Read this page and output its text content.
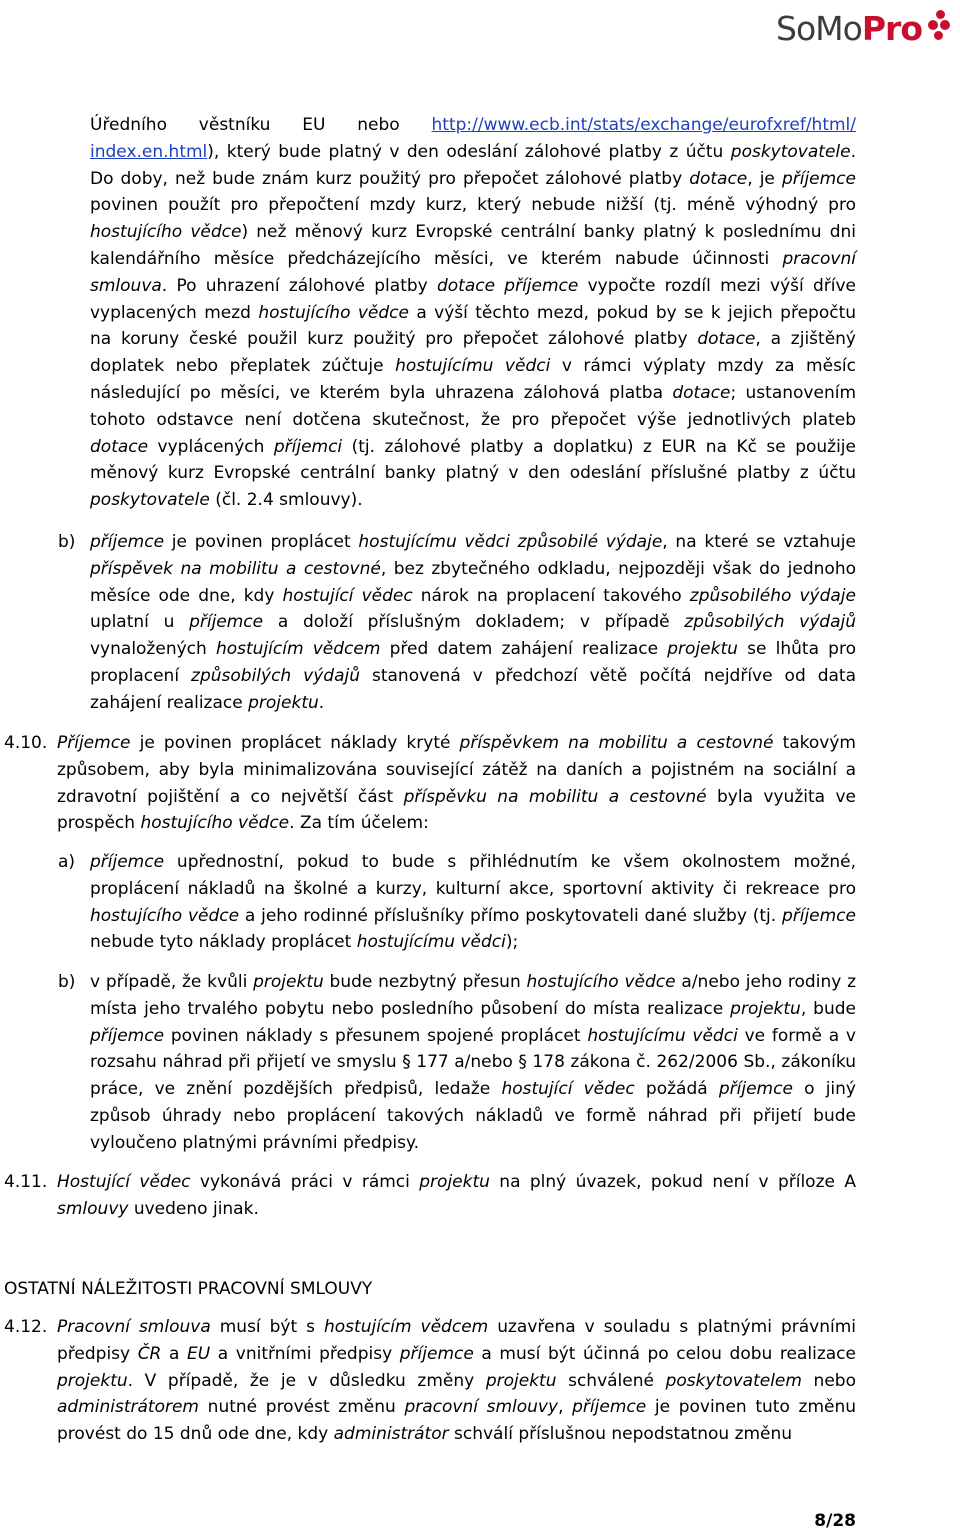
SoMoPro

Úředního věstníku EU nebo http://www.ecb.int/stats/exchange/eurofxref/html/ index.en.html), který bude platný v den odeslání zálohové platby z účtu poskytovatele. Do doby, než bude znám kurz použitý pro přepočet zálohové platby dotace, je příjemce povinen použít pro přepočtení mzdy kurz, který nebude nižší (tj. méně výhodný pro hostujícího vědce) než měnový kurz Evropské centrální banky platný k poslednímu dni kalendářního měsíce předcházejícího měsíci, ve kterém nabude účinnosti pracovní smlouva. Po uhrazení zálohové platby dotace příjemce vypočte rozdíl mezi výší dříve vyplacených mezd hostujícího vědce a výší těchto mezd, pokud by se k jejich přepočtu na koruny české použil kurz použitý pro přepočet zálohové platby dotace, a zjištěný doplatek nebo přeplatek zúčtuje hostujícímu vědci v rámci výplaty mzdy za měsíc následující po měsíci, ve kterém byla uhrazena zálohová platba dotace; ustanovením tohoto odstavce není dotčena skutečnost, že pro přepočet výše jednotlivých plateb dotace vyplácených příjemci (tj. zálohové platby a doplatku) z EUR na Kč se použije měnový kurz Evropské centrální banky platný v den odeslání příslušné platby z účtu poskytovatele (čl. 2.4 smlouvy).

b) příjemce je povinen proplácet hostujícímu vědci způsobilé výdaje, na které se vztahuje příspěvek na mobilitu a cestovné, bez zbytečného odkladu, nejpozději však do jednoho měsíce ode dne, kdy hostující vědec nárok na proplacení takového způsobilého výdaje uplatní u příjemce a doloží příslušným dokladem; v případě způsobilých výdajů vynaložených hostujícím vědcem před datem zahájení realizace projektu se lhůta pro proplacení způsobilých výdajů stanovená v předchozí větě počítá nejdříve od data zahájení realizace projektu.

4.10. Příjemce je povinen proplácet náklady kryté příspěvkem na mobilitu a cestovné takovým způsobem, aby byla minimalizována související zátěž na daních a pojistném na sociální a zdravotní pojištění a co největší část příspěvku na mobilitu a cestovné byla využita ve prospěch hostujícího vědce. Za tím účelem:

a) příjemce upřednostní, pokud to bude s přihlédnutím ke všem okolnostem možné, proplácení nákladů na školné a kurzy, kulturní akce, sportovní aktivity či rekreace pro hostujícího vědce a jeho rodinné příslušníky přímo poskytovateli dané služby (tj. příjemce nebude tyto náklady proplácet hostujícímu vědci);

b) v případě, že kvůli projektu bude nezbytný přesun hostujícího vědce a/nebo jeho rodiny z místa jeho trvalého pobytu nebo posledního působení do místa realizace projektu, bude příjemce povinen náklady s přesunem spojené proplácet hostujícímu vědci ve formě a v rozsahu náhrad při přijetí ve smyslu § 177 a/nebo § 178 zákona č. 262/2006 Sb., zákoníku práce, ve znění pozdějších předpisů, ledaže hostující vědec požádá příjemce o jiný způsob úhrady nebo proplácení takových nákladů ve formě náhrad při přijetí bude vyloučeno platnými právními předpisy.

4.11. Hostující vědec vykonává práci v rámci projektu na plný úvazek, pokud není v příloze A smlouvy uvedeno jinak.

OSTATNÍ NÁLEŽITOSTI PRACOVNÍ SMLOUVY
4.12. Pracovní smlouva musí být s hostujícím vědcem uzavřena v souladu s platnými právními předpisy ČR a EU a vnitřními předpisy příjemce a musí být účinná po celou dobu realizace projektu. V případě, že je v důsledku změny projektu schválené poskytovatelem nebo administrátorem nutné provést změnu pracovní smlouvy, příjemce je povinen tuto změnu provést do 15 dnů ode dne, kdy administrátor schválí příslušnou nepodstatnou změnu

8/28
